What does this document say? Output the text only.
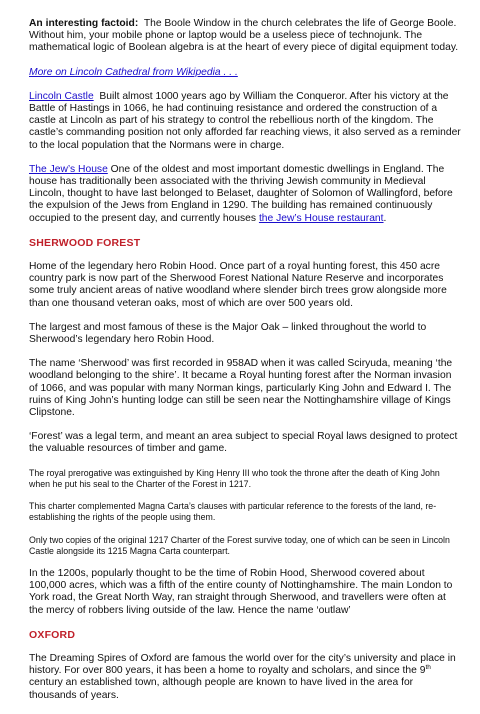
An interesting factoid: The Boole Window in the church celebrates the life of George Boole. Without him, your mobile phone or laptop would be a useless piece of technojunk. The mathematical logic of Boolean algebra is at the heart of every piece of digital equipment today.

More on Lincoln Cathedral from Wikipedia . . .

Lincoln Castle Built almost 1000 years ago by William the Conqueror. After his victory at the Battle of Hastings in 1066, he had continuing resistance and ordered the construction of a castle at Lincoln as part of his strategy to control the rebellious north of the kingdom. The castle’s commanding position not only afforded far reaching views, it also served as a reminder to the local population that the Normans were in charge.

The Jew’s House One of the oldest and most important domestic dwellings in England. The house has traditionally been associated with the thriving Jewish community in Medieval Lincoln, thought to have last belonged to Belaset, daughter of Solomon of Wallingford, before the expulsion of the Jews from England in 1290. The building has remained continuously occupied to the present day, and currently houses the Jew’s House restaurant.

SHERWOOD FOREST

Home of the legendary hero Robin Hood. Once part of a royal hunting forest, this 450 acre country park is now part of the Sherwood Forest National Nature Reserve and incorporates some truly ancient areas of native woodland where slender birch trees grow alongside more than one thousand veteran oaks, most of which are over 500 years old.

The largest and most famous of these is the Major Oak – linked throughout the world to Sherwood’s legendary hero Robin Hood.

The name ‘Sherwood’ was first recorded in 958AD when it was called Sciryuda, meaning ‘the woodland belonging to the shire’. It became a Royal hunting forest after the Norman invasion of 1066, and was popular with many Norman kings, particularly King John and Edward I. The ruins of King John’s hunting lodge can still be seen near the Nottinghamshire village of Kings Clipstone.

‘Forest’ was a legal term, and meant an area subject to special Royal laws designed to protect the valuable resources of timber and game.

The royal prerogative was extinguished by King Henry III who took the throne after the death of King John when he put his seal to the Charter of the Forest in 1217.

This charter complemented Magna Carta’s clauses with particular reference to the forests of the land, re-establishing the rights of the people using them.

Only two copies of the original 1217 Charter of the Forest survive today, one of which can be seen in Lincoln Castle alongside its 1215 Magna Carta counterpart.

In the 1200s, popularly thought to be the time of Robin Hood, Sherwood covered about 100,000 acres, which was a fifth of the entire county of Nottinghamshire. The main London to York road, the Great North Way, ran straight through Sherwood, and travellers were often at the mercy of robbers living outside of the law. Hence the name ‘outlaw’

OXFORD

The Dreaming Spires of Oxford are famous the world over for the city’s university and place in history. For over 800 years, it has been a home to royalty and scholars, and since the 9th century an established town, although people are known to have lived in the area for thousands of years.
